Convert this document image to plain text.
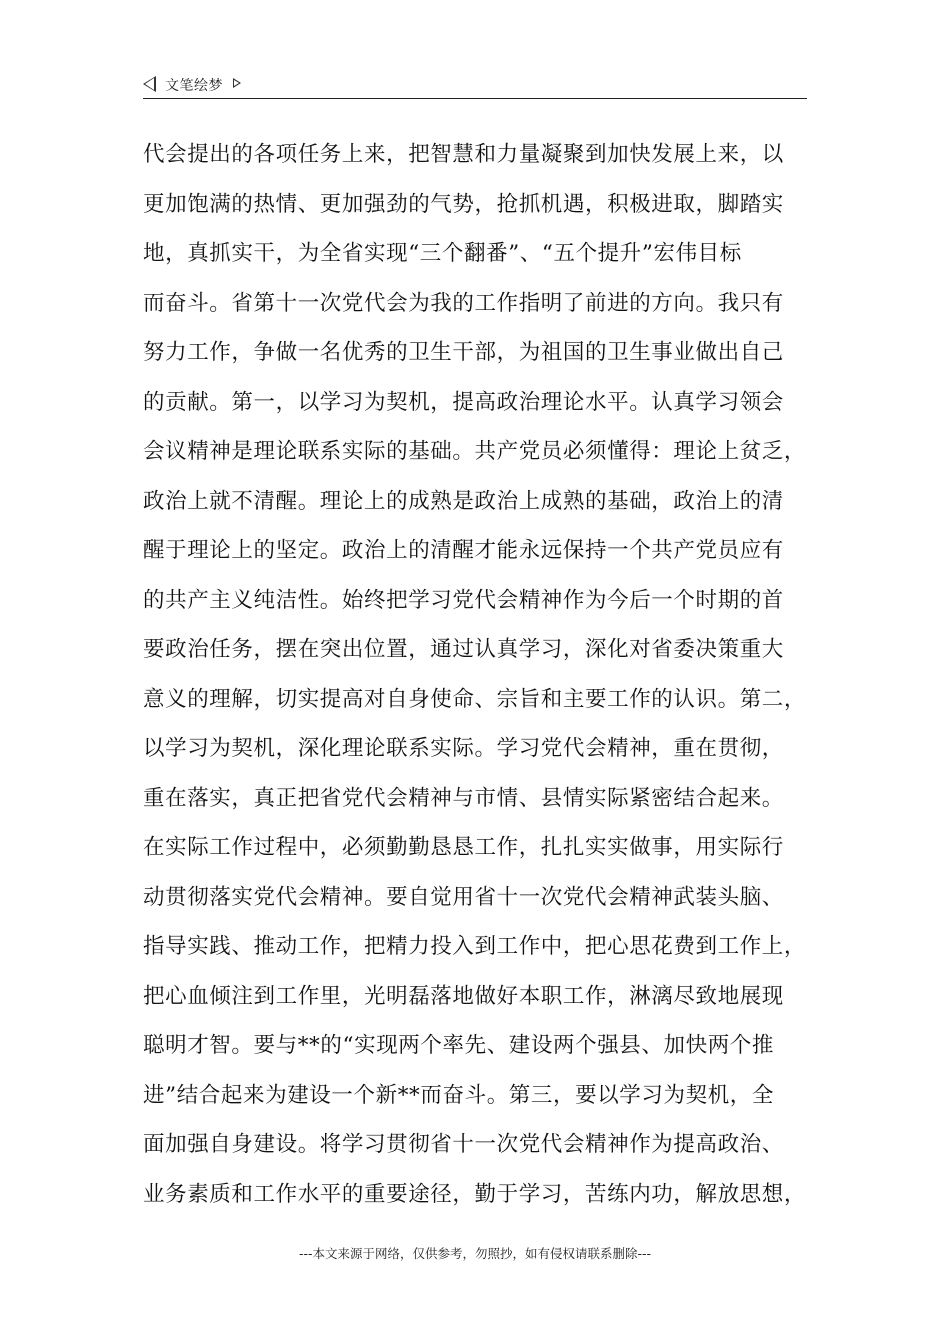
文笔绘梦
代会提出的各项任务上来，把智慧和力量凝聚到加快发展上来，以
更加饱满的热情、更加强劲的气势，抢抓机遇，积极进取，脚踏实
地，真抓实干，为全省实现“三个翻番”、“五个提升”宏伟目标
而奋斗。省第十一次党代会为我的工作指明了前进的方向。我只有
努力工作，争做一名优秀的卫生干部，为祖国的卫生事业做出自己
的贡献。第一，以学习为契机，提高政治理论水平。认真学习领会
会议精神是理论联系实际的基础。共产党员必须懂得：理论上贫乏，
政治上就不清醒。理论上的成熟是政治上成熟的基础，政治上的清
醒于理论上的坚定。政治上的清醒才能永远保持一个共产党员应有
的共产主义纯洁性。始终把学习党代会精神作为今后一个时期的首
要政治任务，摆在突出位置，通过认真学习，深化对省委决策重大
意义的理解，切实提高对自身使命、宗旨和主要工作的认识。第二，
以学习为契机，深化理论联系实际。学习党代会精神，重在贯彻，
重在落实，真正把省党代会精神与市情、县情实际紧密结合起来。
在实际工作过程中，必须勤勤恳恳工作，扎扎实实做事，用实际行
动贯彻落实党代会精神。要自觉用省十一次党代会精神武装头脑、
指导实践、推动工作，把精力投入到工作中，把心思花费到工作上，
把心血倾注到工作里，光明磊落地做好本职工作，淋漓尽致地展现
聪明才智。要与**的“实现两个率先、建设两个强县、加快两个推
进”结合起来为建设一个新**而奋斗。第三，要以学习为契机，全
面加强自身建设。将学习贯彻省十一次党代会精神作为提高政治、
业务素质和工作水平的重要途径，勤于学习，苦练内功，解放思想，
---本文来源于网络，仅供参考，勿照抄，如有侵权请联系删除---
